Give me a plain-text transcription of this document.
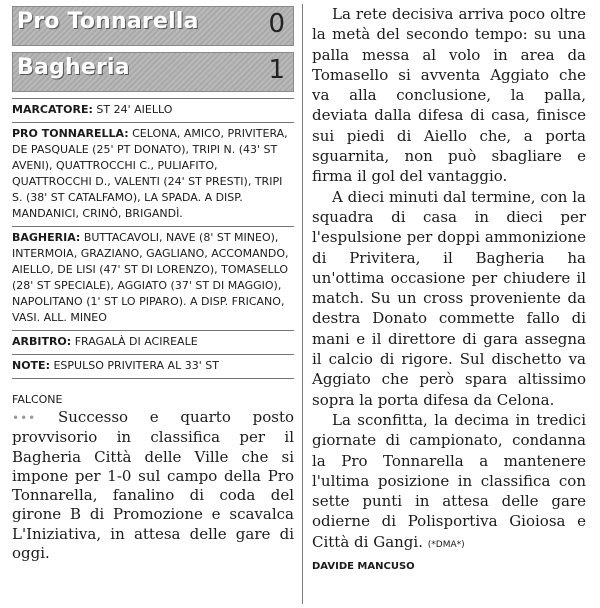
Pro Tonnarella	0
Bagheria	1
MARCATORE: ST 24' AIELLO
PRO TONNARELLA: CELONA, AMICO, PRIVITERA, DE PASQUALE (25' PT DONATO), TRIPI N. (43' ST AVENI), QUATTROCCHI C., PULIAFITO, QUATTROCCHI D., VALENTI (24' ST PRESTI), TRIPI S. (38' ST CATALFAMO), LA SPADA. A DISP. MANDANICI, CRINÒ, BRIGANDÌ.
BAGHERIA: BUTTACAVOLI, NAVE (8' ST MINEO), INTERMOIA, GRAZIANO, GAGLIANO, ACCOMANDO, AIELLO, DE LISI (47' ST DI LORENZO), TOMASELLO (28' ST SPECIALE), AGGIATO (37' ST DI MAGGIO), NAPOLITANO (1' ST LO PIPARO). A DISP. FRICANO, VASI. ALL. MINEO
ARBITRO: FRAGALÀ DI ACIREALE
NOTE: ESPULSO PRIVITERA AL 33' ST
FALCONE
••• Successo e quarto posto provvisorio in classifica per il Bagheria Città delle Ville che si impone per 1-0 sul campo della Pro Tonnarella, fanalino di coda del girone B di Promozione e scavalca L'Iniziativa, in attesa delle gare di oggi.

La rete decisiva arriva poco oltre la metà del secondo tempo: su una palla messa al volo in area da Tomasello si avventa Aggiato che va alla conclusione, la palla, deviata dalla difesa di casa, finisce sui piedi di Aiello che, a porta sguarnita, non può sbagliare e firma il gol del vantaggio.

A dieci minuti dal termine, con la squadra di casa in dieci per l'espulsione per doppi ammonizione di Privitera, il Bagheria ha un'ottima occasione per chiudere il match. Su un cross proveniente da destra Donato commette fallo di mani e il direttore di gara assegna il calcio di rigore. Sul dischetto va Aggiato che però spara altissimo sopra la porta difesa da Celona.

La sconfitta, la decima in tredici giornate di campionato, condanna la Pro Tonnarella a mantenere l'ultima posizione in classifica con sette punti in attesa delle gare odierne di Polisportiva Gioiosa e Città di Gangi. (*DMA*)

DAVIDE MANCUSO
